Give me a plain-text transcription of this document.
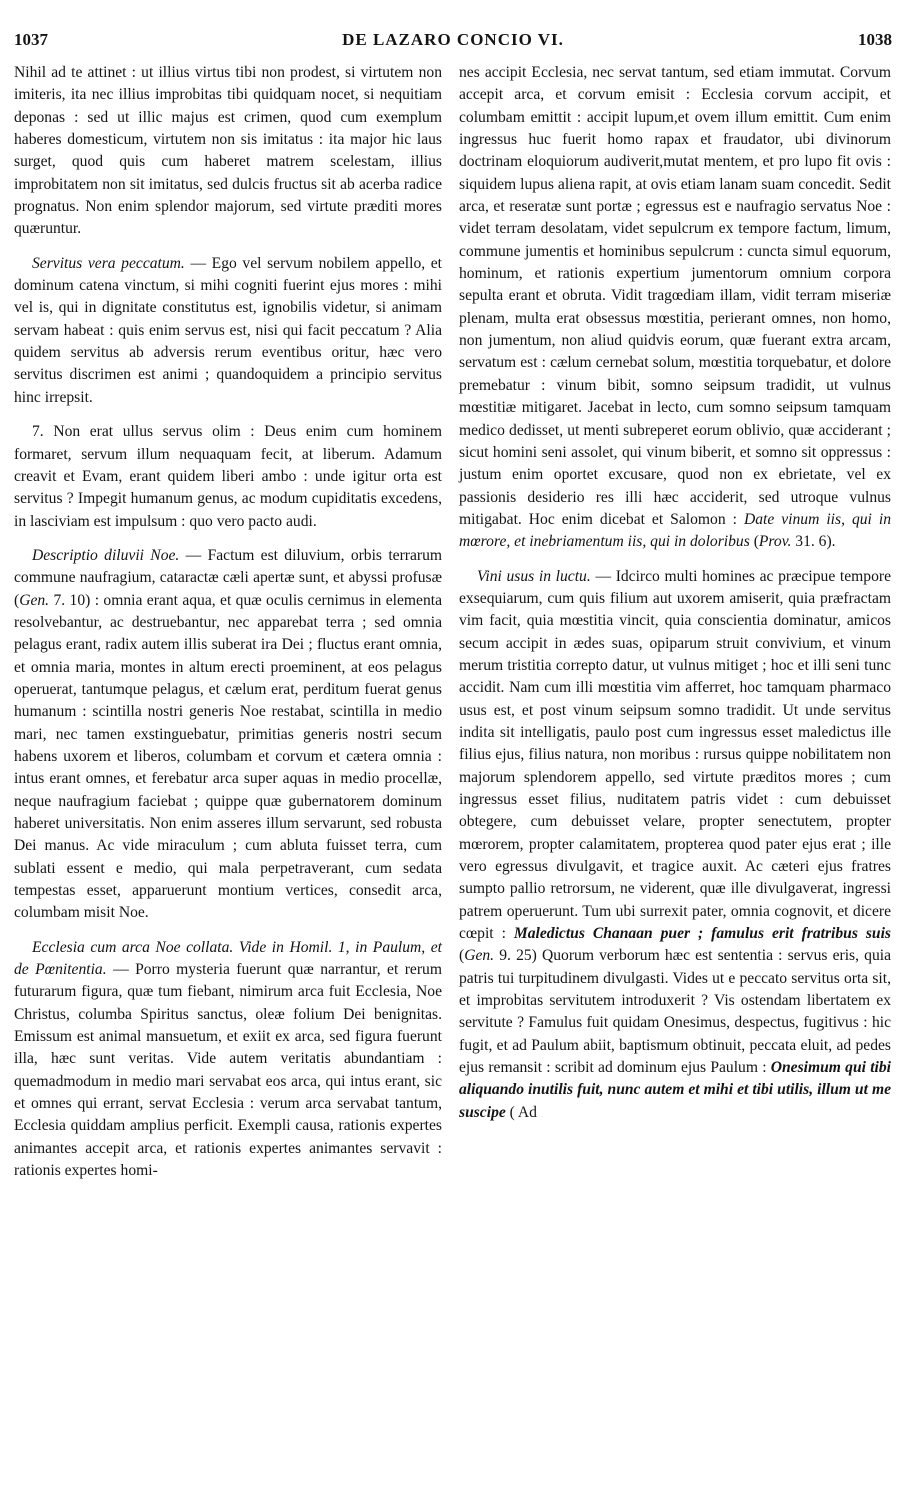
1037	DE LAZARO CONCIO VI.	1038

Nihil ad te attinet : ut illius virtus tibi non prodest, si virtutem non imiteris, ita nec illius improbitas tibi quidquam nocet, si nequitiam deponas : sed ut illic majus est crimen, quod cum exemplum haberes domesticum, virtutem non sis imitatus : ita major hic laus surget, quod quis cum haberet matrem scelestam, illius improbitatem non sit imitatus, sed dulcis fructus sit ab acerba radice prognatus. Non enim splendor majorum, sed virtute præditi mores quæruntur.

Servitus vera peccatum. — Ego vel servum nobilem appello, et dominum catena vinctum, si mihi cogniti fuerint ejus mores : mihi vel is, qui in dignitate constitutus est, ignobilis videtur, si animam servam habeat : quis enim servus est, nisi qui facit peccatum ? Alia quidem servitus ab adversis rerum eventibus oritur, hæc vero servitus discrimen est animi ; quandoquidem a principio servitus hinc irrepsit.

7. Non erat ullus servus olim : Deus enim cum hominem formaret, servum illum nequaquam fecit, at liberum. Adamum creavit et Evam, erant quidem liberi ambo : unde igitur orta est servitus ? Impegit humanum genus, ac modum cupiditatis excedens, in lasciviam est impulsum : quo vero pacto audi.

Descriptio diluvii Noe. — Factum est diluvium, orbis terrarum commune naufragium, cataractæ cæli apertæ sunt, et abyssi profusæ (Gen. 7. 10) : omnia erant aqua, et quæ oculis cernimus in elementa resolvebantur, ac destruebantur, nec apparebat terra ; sed omnia pelagus erant, radix autem illis suberat ira Dei ; fluctus erant omnia, et omnia maria, montes in altum erecti proeminent, at eos pelagus operuerat, tantumque pelagus, et cælum erat, perditum fuerat genus humanum : scintilla nostri generis Noe restabat, scintilla in medio mari, nec tamen exstinguebatur, primitias generis nostri secum habens uxorem et liberos, columbam et corvum et cætera omnia : intus erant omnes, et ferebatur arca super aquas in medio procellæ, neque naufragium faciebat ; quippe quæ gubernatorem dominum haberet universitatis. Non enim asseres illum servarunt, sed robusta Dei manus. Ac vide miraculum ; cum abluta fuisset terra, cum sublati essent e medio, qui mala perpetraverant, cum sedata tempestas esset, apparuerunt montium vertices, consedit arca, columbam misit Noe.

Ecclesia cum arca Noe collata. Vide in Homil. 1, in Paulum, et de Pœnitentia. — Porro mysteria fuerunt quæ narrantur, et rerum futurarum figura, quæ tum fiebant, nimirum arca fuit Ecclesia, Noe Christus, columba Spiritus sanctus, oleæ folium Dei benignitas. Emissum est animal mansuetum, et exiit ex arca, sed figura fuerunt illa, hæc sunt veritas. Vide autem veritatis abundantiam : quemadmodum in medio mari servabat eos arca, qui intus erant, sic et omnes qui errant, servat Ecclesia : verum arca servabat tantum, Ecclesia quiddam amplius perficit. Exempli causa, rationis expertes animantes accepit arca, et rationis expertes animantes servavit : rationis expertes homi-

nes accipit Ecclesia, nec servat tantum, sed etiam immutat. Corvum accepit arca, et corvum emisit : Ecclesia corvum accipit, et columbam emittit : accipit lupum,et ovem illum emittit. Cum enim ingressus huc fuerit homo rapax et fraudator, ubi divinorum doctrinam eloquiorum audiverit,mutat mentem, et pro lupo fit ovis : siquidem lupus aliena rapit, at ovis etiam lanam suam concedit. Sedit arca, et reseratæ sunt portæ ; egressus est e naufragio servatus Noe : videt terram desolatam, videt sepulcrum ex tempore factum, limum, commune jumentis et hominibus sepulcrum : cuncta simul equorum, hominum, et rationis expertium jumentorum omnium corpora sepulta erant et obruta. Vidit tragœdiam illam, vidit terram miseriæ plenam, multa erat obsessus mœstitia, perierant omnes, non homo, non jumentum, non aliud quidvis eorum, quæ fuerant extra arcam, servatum est : cælum cernebat solum, mœstitia torquebatur, et dolore premebatur : vinum bibit, somno seipsum tradidit, ut vulnus mœstitiæ mitigaret. Jacebat in lecto, cum somno seipsum tamquam medico dedisset, ut menti subreperet eorum oblivio, quæ acciderant ; sicut homini seni assolet, qui vinum biberit, et somno sit oppressus : justum enim oportet excusare, quod non ex ebrietate, vel ex passionis desiderio res illi hæc acciderit, sed utroque vulnus mitigabat. Hoc enim dicebat et Salomon : Date vinum iis, qui in mœrore, et inebriamentum iis, qui in doloribus (Prov. 31. 6).

Vini usus in luctu. — Idcirco multi homines ac præcipue tempore exsequiarum, cum quis filium aut uxorem amiserit, quia præfractam vim facit, quia mœstitia vincit, quia conscientia dominatur, amicos secum accipit in ædes suas, opiparum struit convivium, et vinum merum tristitia correpto datur, ut vulnus mitiget ; hoc et illi seni tunc accidit. Nam cum illi mœstitia vim afferret, hoc tamquam pharmaco usus est, et post vinum seipsum somno tradidit. Ut unde servitus indita sit intelligatis, paulo post cum ingressus esset maledictus ille filius ejus, filius natura, non moribus : rursus quippe nobilitatem non majorum splendorem appello, sed virtute præditos mores ; cum ingressus esset filius, nuditatem patris videt : cum debuisset obtegere, cum debuisset velare, propter senectutem, propter mœrorem, propter calamitatem, propterea quod pater ejus erat ; ille vero egressus divulgavit, et tragice auxit. Ac cæteri ejus fratres sumpto pallio retrorsum, ne viderent, quæ ille divulgaverat, ingressi patrem operuerunt. Tum ubi surrexit pater, omnia cognovit, et dicere cœpit : Maledictus Chanaan puer ; famulus erit fratribus suis (Gen. 9. 25) Quorum verborum hæc est sententia : servus eris, quia patris tui turpitudinem divulgasti. Vides ut e peccato servitus orta sit, et improbitas servitutem introduxerit ? Vis ostendam libertatem ex servitute ? Famulus fuit quidam Onesimus, despectus, fugitivus : hic fugit, et ad Paulum abiit, baptismum obtinuit, peccata eluit, ad pedes ejus remansit : scribit ad dominum ejus Paulum : Onesimum qui tibi aliquando inutilis fuit, nunc autem et mihi et tibi utilis, illum ut me suscipe ( Ad
